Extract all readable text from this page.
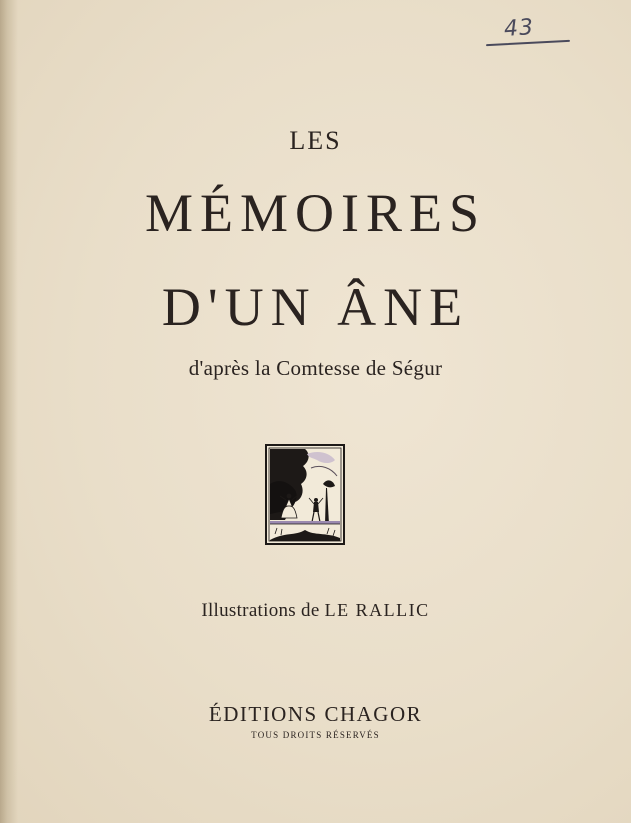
43
LES
MÉMOIRES
D'UN ÂNE
d'après la Comtesse de Ségur
Illustrations de LE RALLIC
ÉDITIONS CHAGOR
TOUS DROITS RÉSERVÉS
